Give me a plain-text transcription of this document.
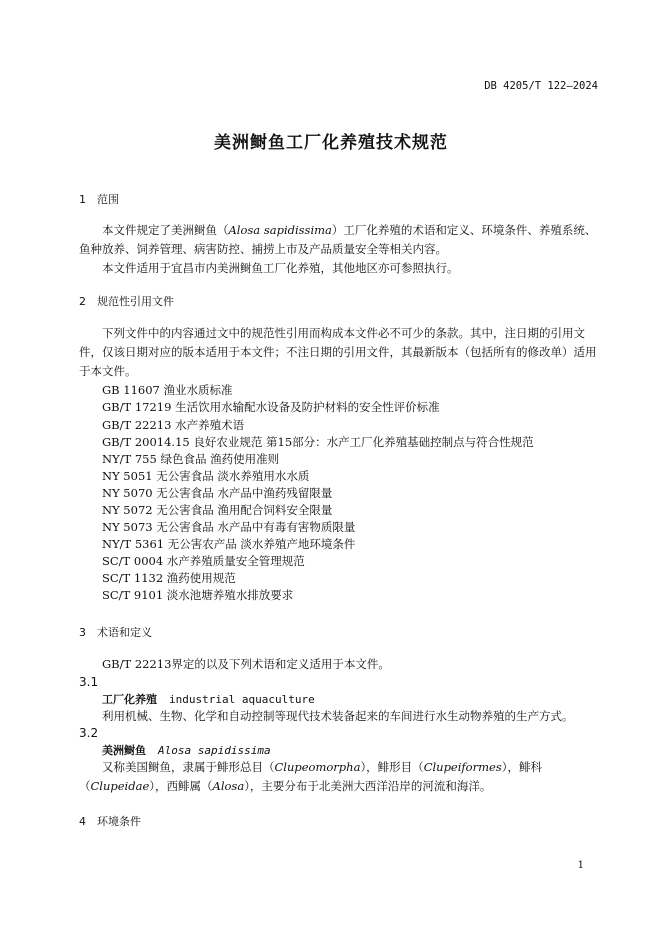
DB 4205/T 122—2024
美洲鲥鱼工厂化养殖技术规范
1 范围
本文件规定了美洲鲥鱼（Alosa sapidissima）工厂化养殖的术语和定义、环境条件、养殖系统、鱼种放养、饲养管理、病害防控、捕捞上市及产品质量安全等相关内容。
本文件适用于宜昌市内美洲鲥鱼工厂化养殖，其他地区亦可参照执行。
2 规范性引用文件
下列文件中的内容通过文中的规范性引用而构成本文件必不可少的条款。其中，注日期的引用文件，仅该日期对应的版本适用于本文件；不注日期的引用文件，其最新版本（包括所有的修改单）适用于本文件。
GB 11607 渔业水质标准
GB/T 17219 生活饮用水输配水设备及防护材料的安全性评价标准
GB/T 22213 水产养殖术语
GB/T 20014.15 良好农业规范 第15部分：水产工厂化养殖基础控制点与符合性规范
NY/T 755 绿色食品 渔药使用准则
NY 5051 无公害食品 淡水养殖用水水质
NY 5070 无公害食品 水产品中渔药残留限量
NY 5072 无公害食品 渔用配合饲料安全限量
NY 5073 无公害食品 水产品中有毒有害物质限量
NY/T 5361 无公害农产品 淡水养殖产地环境条件
SC/T 0004 水产养殖质量安全管理规范
SC/T 1132 渔药使用规范
SC/T 9101 淡水池塘养殖水排放要求
3 术语和定义
GB/T 22213界定的以及下列术语和定义适用于本文件。
3.1
工厂化养殖 industrial aquaculture
利用机械、生物、化学和自动控制等现代技术装备起来的车间进行水生动物养殖的生产方式。
3.2
美洲鲥鱼 Alosa sapidissima
又称美国鲥鱼，隶属于鲱形总目（Clupeomorpha），鲱形目（Clupeiformes），鲱科（Clupeidae），西鲱属（Alosa），主要分布于北美洲大西洋沿岸的河流和海洋。
4 环境条件
1
